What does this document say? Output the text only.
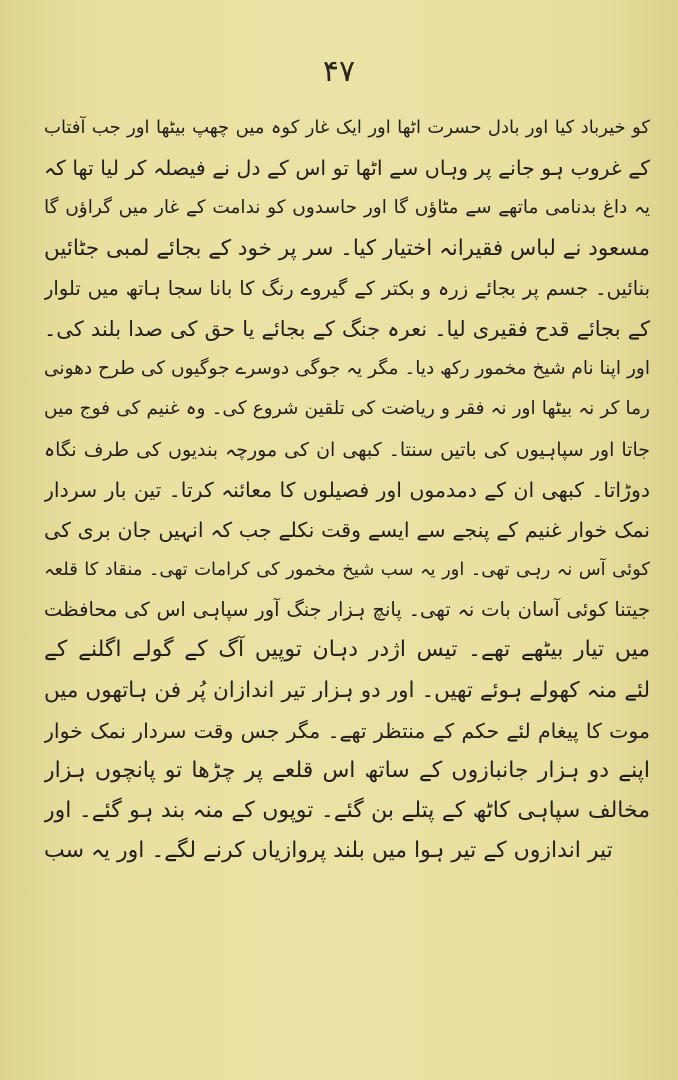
۴۷
کو خیرباد کیا اور بادل حسرت اٹھا اور ایک غار کوہ میں چھپ بیٹھا اور جب آفتاب
کے غروب ہو جانے پر وہاں سے اٹھا تو اس کے دل نے فیصلہ کر لیا تھا کہ
یہ داغ بدنامی ماتھے سے مٹاؤں گا اور حاسدوں کو ندامت کے غار میں گراؤں گا
مسعود نے لباس فقیرانہ اختیار کیا۔ سر پر خود کے بجائے لمبی جٹائیں
بنائیں۔ جسم پر بجائے زرہ و بکتر کے گیروے رنگ کا بانا سجا ہاتھ میں تلوار
کے بجائے قدح فقیری لیا۔ نعرہ جنگ کے بجائے یا حق کی صدا بلند کی۔
اور اپنا نام شیخ مخمور رکھ دیا۔ مگر یہ جوگی دوسرے جوگیوں کی طرح دھونی
رما کر نہ بیٹھا اور نہ فقر و ریاضت کی تلقین شروع کی۔ وہ غنیم کی فوج میں
جاتا اور سپاہیوں کی باتیں سنتا۔ کبھی ان کی مورچہ بندیوں کی طرف نگاہ
دوڑاتا۔ کبھی ان کے دمدموں اور فصیلوں کا معائنہ کرتا۔ تین بار سردار
نمک خوار غنیم کے پنجے سے ایسے وقت نکلے جب کہ انہیں جان بری کی
کوئی آس نہ رہی تھی۔ اور یہ سب شیخ مخمور کی کرامات تھی۔ منقاد کا قلعہ
جیتنا کوئی آسان بات نہ تھی۔ پانچ ہزار جنگ آور سپاہی اس کی محافظت
میں تیار بیٹھے تھے۔ تیس اژدر دہان توپیں آگ کے گولے اگلنے کے
لئے منہ کھولے ہوئے تھیں۔ اور دو ہزار تیر اندازان پُر فن ہاتھوں میں
موت کا پیغام لئے حکم کے منتظر تھے۔ مگر جس وقت سردار نمک خوار
اپنے دو ہزار جانبازوں کے ساتھ اس قلعے پر چڑھا تو پانچوں ہزار
مخالف سپاہی کاٹھ کے پتلے بن گئے۔ توپوں کے منہ بند ہو گئے۔ اور
تیر اندازوں کے تیر ہوا میں بلند پروازیاں کرنے لگے۔ اور یہ سب
